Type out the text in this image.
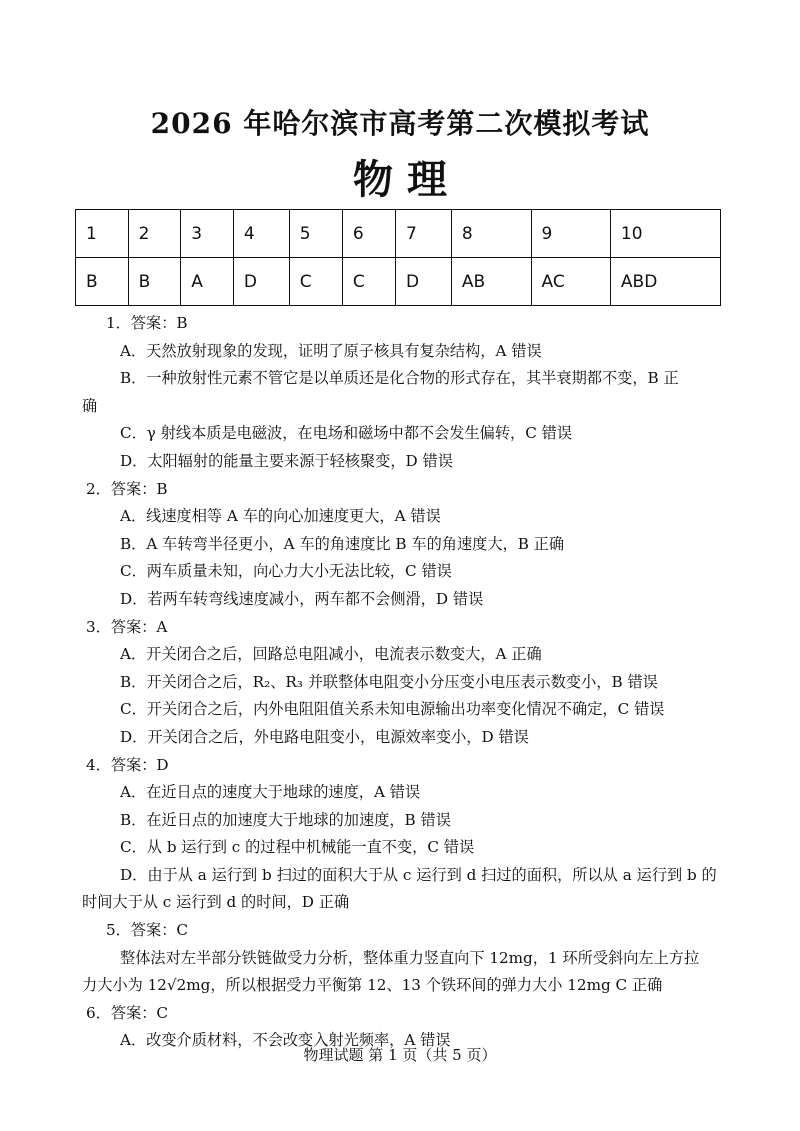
2026 年哈尔滨市高考第二次模拟考试
物 理
1	2	3	4	5	6	7	8	9	10
B	B	A	D	C	C	D	AB	AC	ABD
1．答案：B
A．天然放射现象的发现，证明了原子核具有复杂结构，A 错误
B．一种放射性元素不管它是以单质还是化合物的形式存在，其半衰期都不变，B 正
确
C．γ 射线本质是电磁波，在电场和磁场中都不会发生偏转，C 错误
D．太阳辐射的能量主要来源于轻核聚变，D 错误
2．答案：B
A．线速度相等 A 车的向心加速度更大，A 错误
B．A 车转弯半径更小，A 车的角速度比 B 车的角速度大，B 正确
C．两车质量未知，向心力大小无法比较，C 错误
D．若两车转弯线速度减小，两车都不会侧滑，D 错误
3．答案：A
A．开关闭合之后，回路总电阻减小，电流表示数变大，A 正确
B．开关闭合之后，R₂、R₃ 并联整体电阻变小分压变小电压表示数变小，B 错误
C．开关闭合之后，内外电阻阻值关系未知电源输出功率变化情况不确定，C 错误
D．开关闭合之后，外电路电阻变小，电源效率变小，D 错误
4．答案：D
A．在近日点的速度大于地球的速度，A 错误
B．在近日点的加速度大于地球的加速度，B 错误
C．从 b 运行到 c 的过程中机械能一直不变，C 错误
D．由于从 a 运行到 b 扫过的面积大于从 c 运行到 d 扫过的面积，所以从 a 运行到 b 的
时间大于从 c 运行到 d 的时间，D 正确
5．答案：C
整体法对左半部分铁链做受力分析，整体重力竖直向下 12mg，1 环所受斜向左上方拉
力大小为 12√2mg，所以根据受力平衡第 12、13 个铁环间的弹力大小 12mg C 正确
6．答案：C
A．改变介质材料，不会改变入射光频率，A 错误
物理试题 第 1 页（共 5 页）
